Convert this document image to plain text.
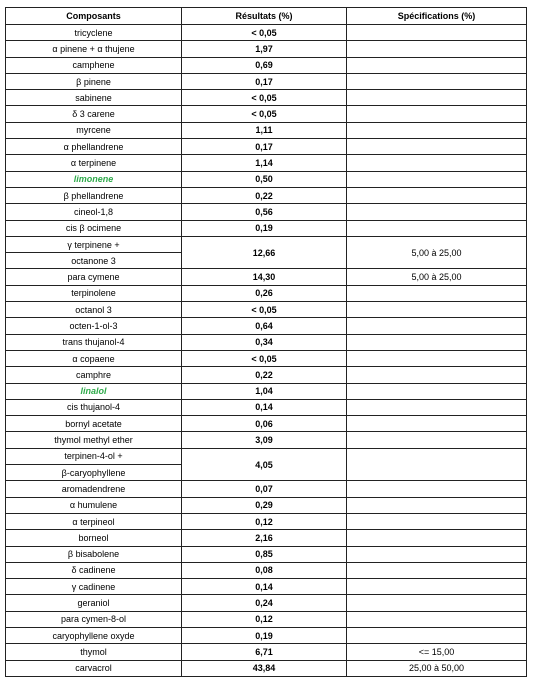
Composants	Résultats (%)	Spécifications (%)
tricyclene	< 0,05	
α pinene + α thujene	1,97	
camphene	0,69	
β pinene	0,17	
sabinene	< 0,05	
δ 3 carene	< 0,05	
myrcene	1,11	
α phellandrene	0,17	
α terpinene	1,14	
limonene	0,50	
β phellandrene	0,22	
cineol-1,8	0,56	
cis β ocimene	0,19	
γ terpinene +	12,66	5,00 à 25,00
octanone 3		
para cymene	14,30	5,00 à 25,00
terpinolene	0,26	
octanol 3	< 0,05	
octen-1-ol-3	0,64	
trans thujanol-4	0,34	
α copaene	< 0,05	
camphre	0,22	
linalol	1,04	
cis thujanol-4	0,14	
bornyl acetate	0,06	
thymol methyl ether	3,09	
terpinen-4-ol +	4,05	
β-caryophyllene		
aromadendrene	0,07	
α humulene	0,29	
α terpineol	0,12	
borneol	2,16	
β bisabolene	0,85	
δ cadinene	0,08	
γ cadinene	0,14	
geraniol	0,24	
para cymen-8-ol	0,12	
caryophyllene oxyde	0,19	
thymol	6,71	<= 15,00
carvacrol	43,84	25,00 à 50,00
